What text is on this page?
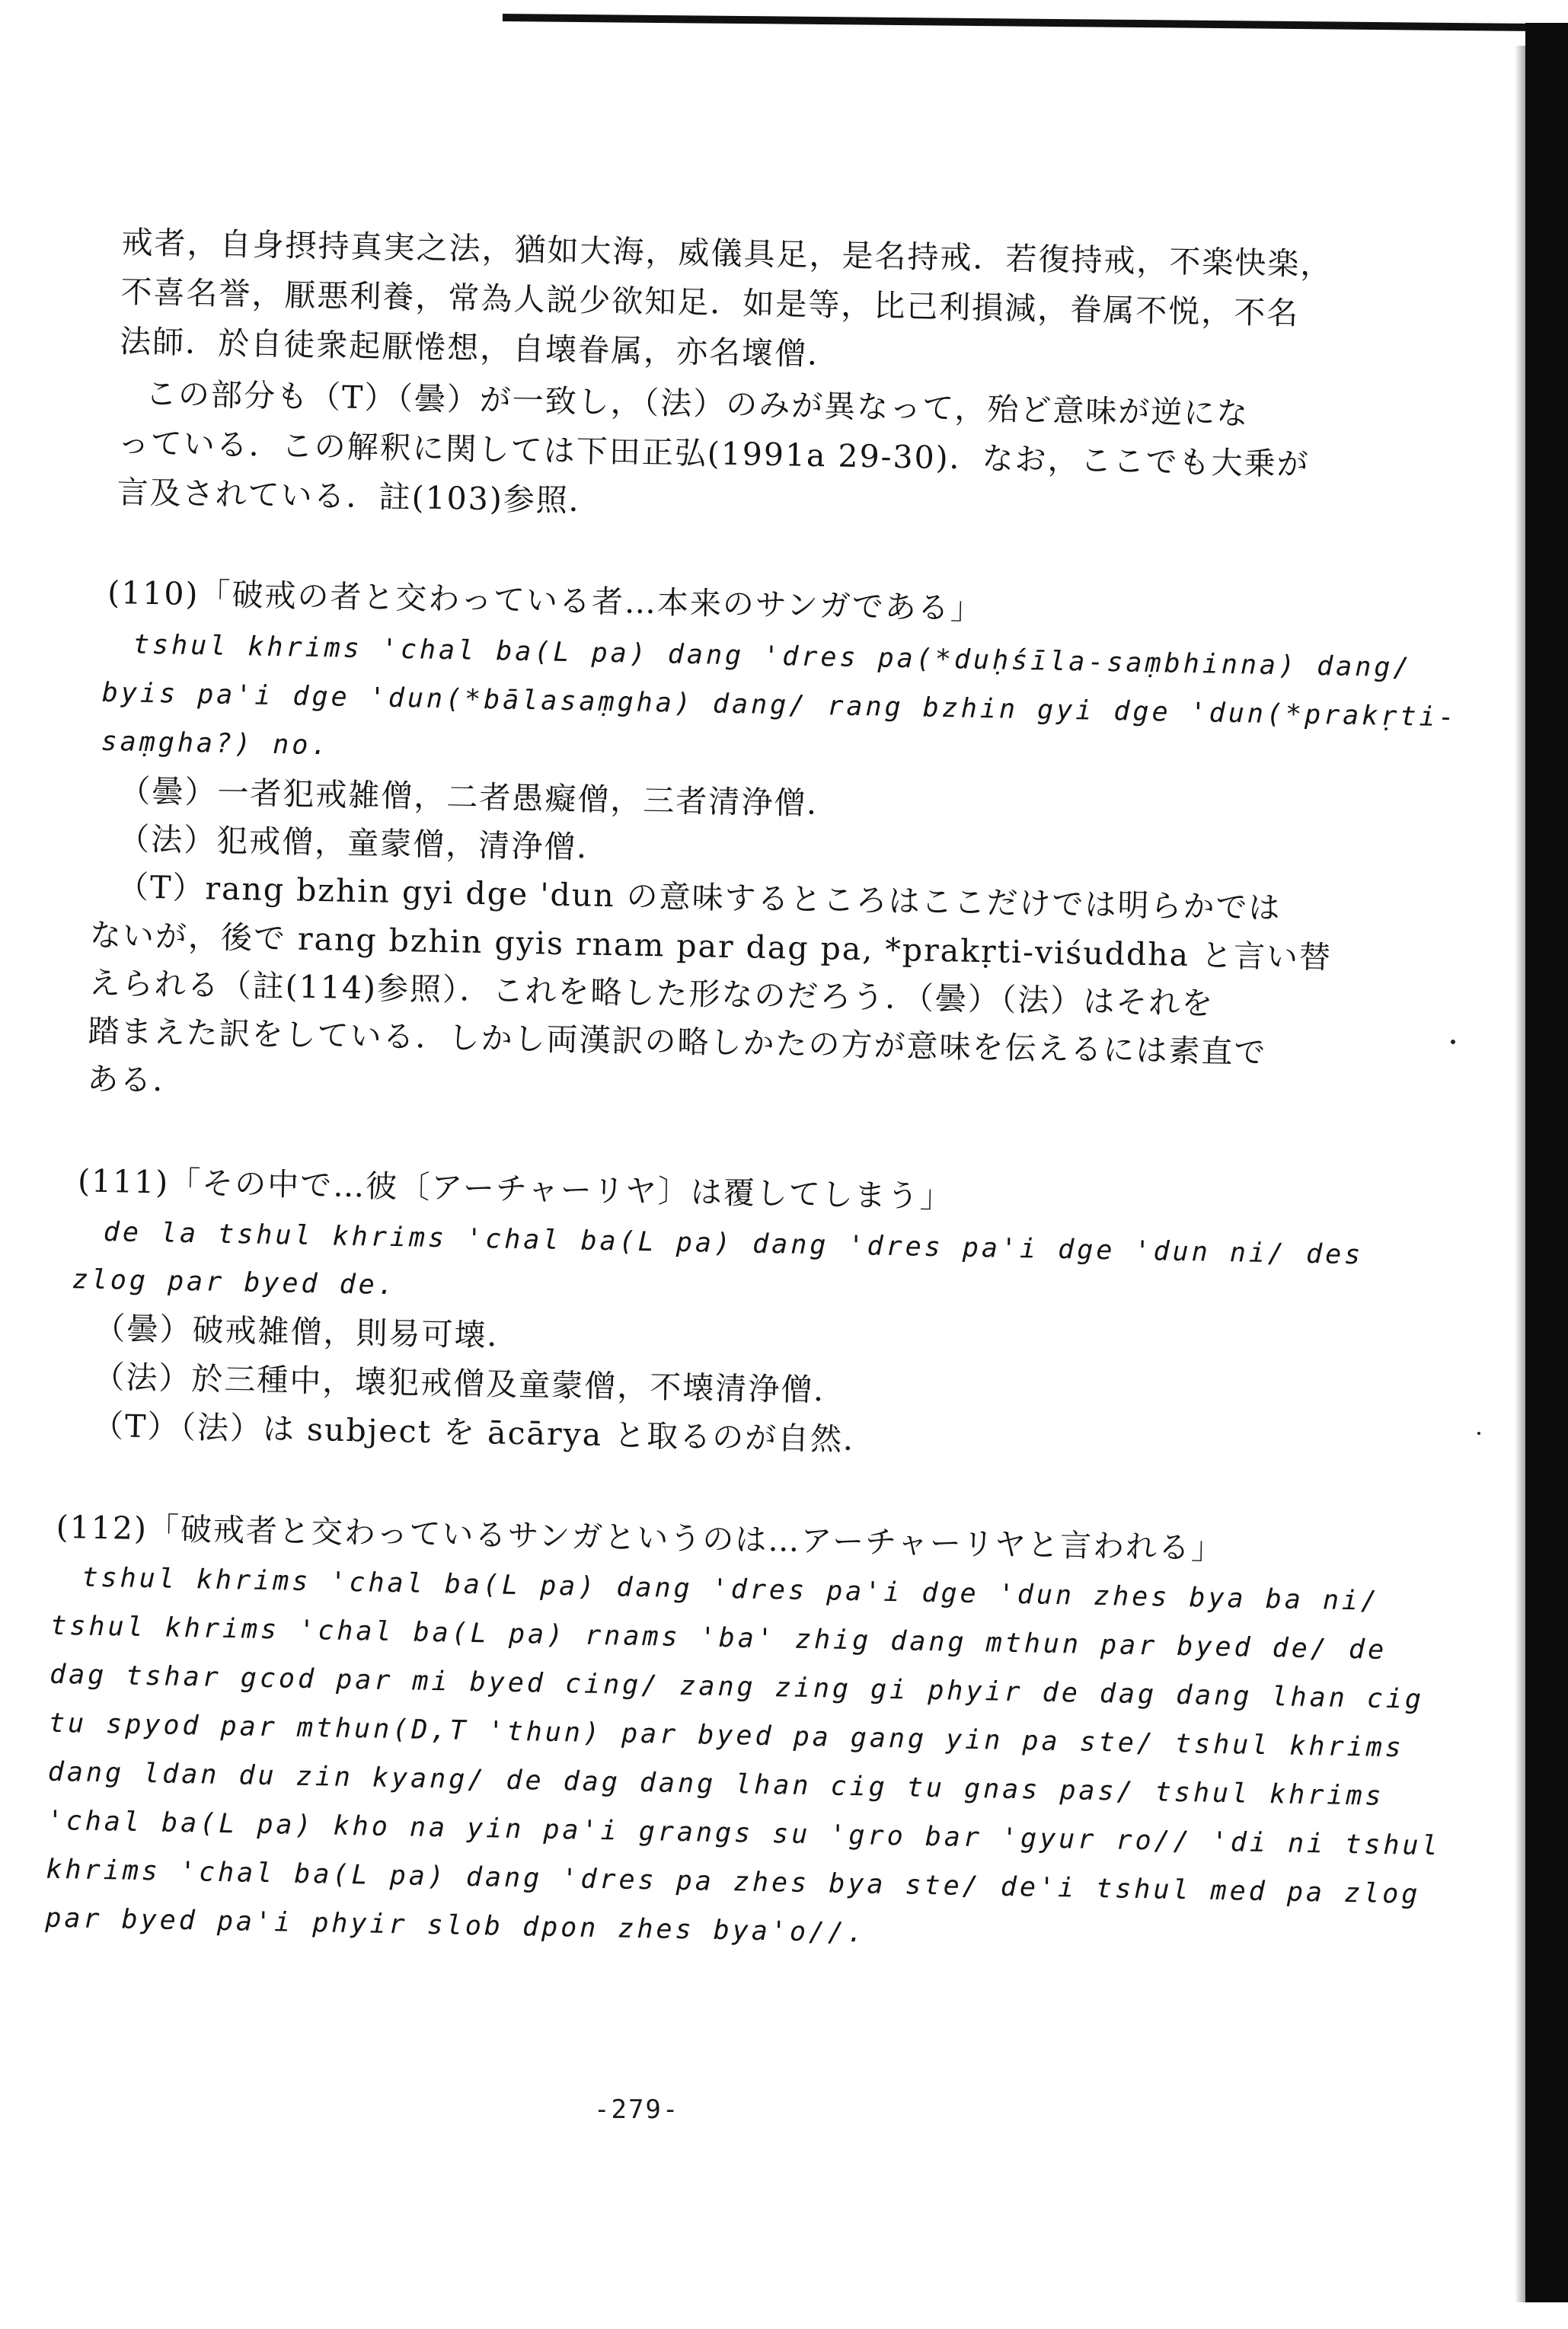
戒者，自身摂持真実之法，猶如大海，威儀具足，是名持戒．若復持戒，不楽快楽，
不喜名誉，厭悪利養，常為人説少欲知足．如是等，比己利損減，眷属不悦，不名
法師．於自徒衆起厭惓想，自壊眷属，亦名壞僧．
この部分も（T）（曇）が一致し，（法）のみが異なって，殆ど意味が逆にな
っている．この解釈に関しては下田正弘(1991a 29-30)．なお，ここでも大乗が
言及されている．註(103)参照．
(110)「破戒の者と交わっている者…本来のサンガである」
tshul khrims 'chal ba(L pa) dang 'dres pa(*duḥśīla-saṃbhinna) dang/
byis pa'i dge 'dun(*bālasaṃgha) dang/ rang bzhin gyi dge 'dun(*prakṛti-
saṃgha?) no.
（曇）一者犯戒雑僧，二者愚癡僧，三者清浄僧．
（法）犯戒僧，童蒙僧，清浄僧．
（T）rang bzhin gyi dge 'dun の意味するところはここだけでは明らかでは
ないが，後で rang bzhin gyis rnam par dag pa, *prakṛti-viśuddha と言い替
えられる（註(114)参照）．これを略した形なのだろう．（曇）（法）はそれを
踏まえた訳をしている．しかし両漢訳の略しかたの方が意味を伝えるには素直で
ある．
(111)「その中で…彼〔アーチャーリヤ〕は覆してしまう」
de la tshul khrims 'chal ba(L pa) dang 'dres pa'i dge 'dun ni/ des
zlog par byed de.
（曇）破戒雑僧，則易可壊．
（法）於三種中，壊犯戒僧及童蒙僧，不壊清浄僧．
（T）（法）は subject を ācārya と取るのが自然．
(112)「破戒者と交わっているサンガというのは…アーチャーリヤと言われる」
tshul khrims 'chal ba(L pa) dang 'dres pa'i dge 'dun zhes bya ba ni/
tshul khrims 'chal ba(L pa) rnams 'ba' zhig dang mthun par byed de/ de
dag tshar gcod par mi byed cing/ zang zing gi phyir de dag dang lhan cig
tu spyod par mthun(D,T 'thun) par byed pa gang yin pa ste/ tshul khrims
dang ldan du zin kyang/ de dag dang lhan cig tu gnas pas/ tshul khrims
'chal ba(L pa) kho na yin pa'i grangs su 'gro bar 'gyur ro// 'di ni tshul
khrims 'chal ba(L pa) dang 'dres pa zhes bya ste/ de'i tshul med pa zlog
par byed pa'i phyir slob dpon zhes bya'o//.
-279-
